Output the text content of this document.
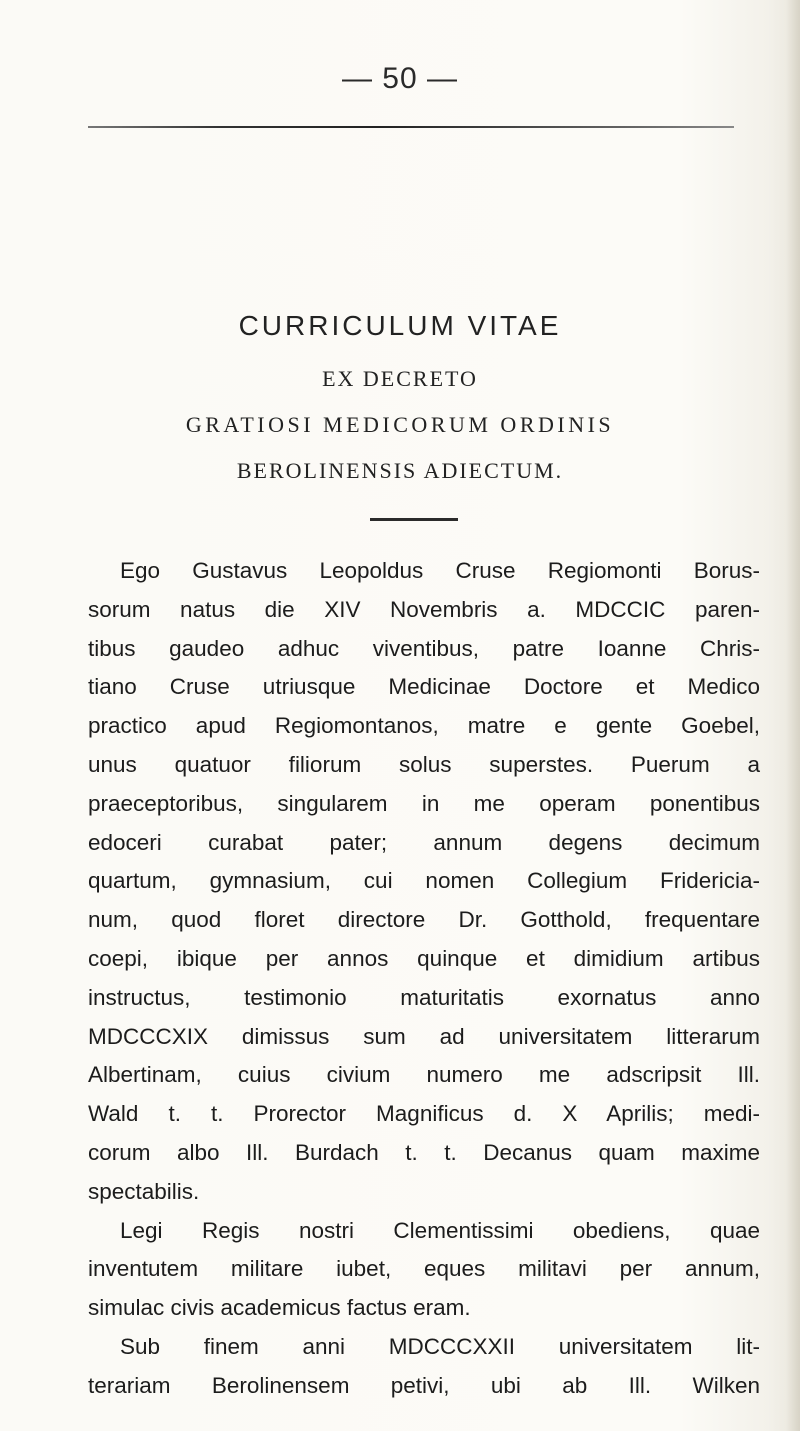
— 50 —
CURRICULUM VITAE
EX DECRETO
GRATIOSI MEDICORUM ORDINIS
BEROLINENSIS ADIECTUM.
Ego Gustavus Leopoldus Cruse Regiomonti Borus-
sorum natus die XIV Novembris a. MDCCIC paren-
tibus gaudeo adhuc viventibus, patre Ioanne Chris-
tiano Cruse utriusque Medicinae Doctore et Medico
practico apud Regiomontanos, matre e gente Goebel,
unus quatuor filiorum solus superstes. Puerum a
praeceptoribus, singularem in me operam ponentibus
edoceri curabat pater; annum degens decimum
quartum, gymnasium, cui nomen Collegium Fridericia-
num, quod floret directore Dr. Gotthold, frequentare
coepi, ibique per annos quinque et dimidium artibus
instructus, testimonio maturitatis exornatus anno
MDCCCXIX dimissus sum ad universitatem litterarum
Albertinam, cuius civium numero me adscripsit Ill.
Wald t. t. Prorector Magnificus d. X Aprilis; medi-
corum albo Ill. Burdach t. t. Decanus quam maxime
spectabilis.
Legi Regis nostri Clementissimi obediens, quae
inventutem militare iubet, eques militavi per annum,
simulac civis academicus factus eram.
Sub finem anni MDCCCXXII universitatem lit-
terariam Berolinensem petivi, ubi ab Ill. Wilken
